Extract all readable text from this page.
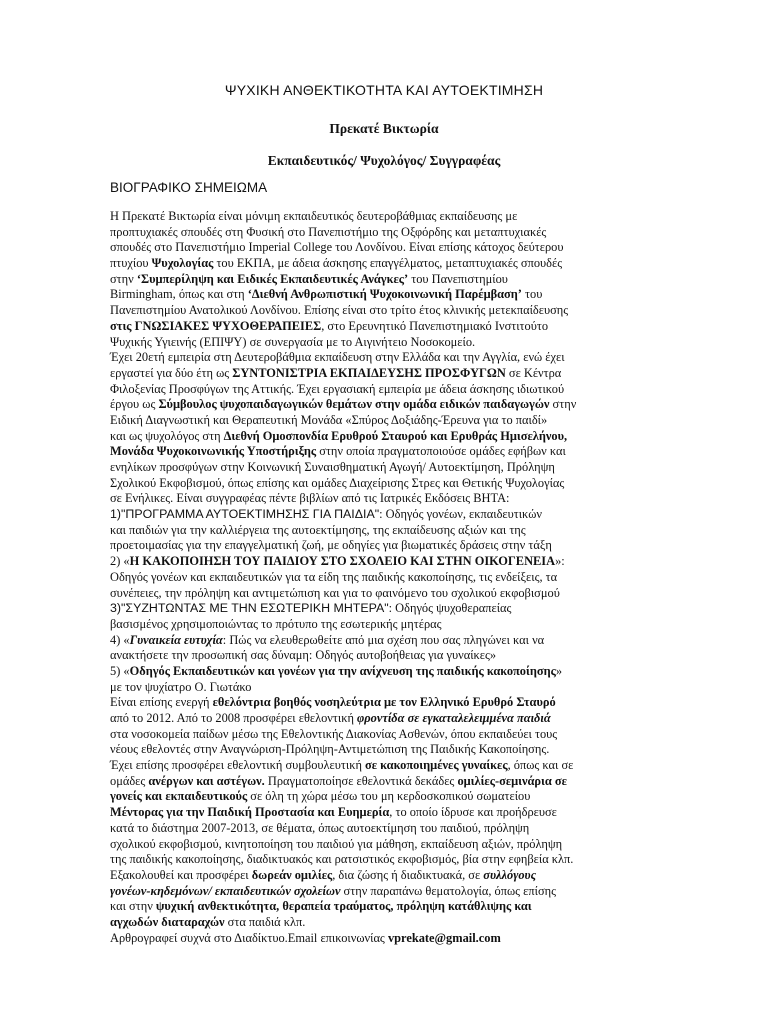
ΨΥΧΙΚΗ ΑΝΘΕΚΤΙΚΟΤΗΤΑ ΚΑΙ ΑΥΤΟΕΚΤΙΜΗΣΗ

Πρεκατέ Βικτωρία

Εκπαιδευτικός/ Ψυχολόγος/ Συγγραφέας

ΒΙΟΓΡΑΦΙΚΟ ΣΗΜΕΙΩΜΑ

Η Πρεκατέ Βικτωρία είναι μόνιμη εκπαιδευτικός δευτεροβάθμιας εκπαίδευσης με
προπτυχιακές σπουδές στη Φυσική στο Πανεπιστήμιο της Οξφόρδης και μεταπτυχιακές
σπουδές στο Πανεπιστήμιο Imperial College του Λονδίνου. Είναι επίσης κάτοχος δεύτερου
πτυχίου Ψυχολογίας του ΕΚΠΑ, με άδεια άσκησης επαγγέλματος, μεταπτυχιακές σπουδές
στην ‘Συμπερίληψη και Ειδικές Εκπαιδευτικές Ανάγκες’ του Πανεπιστημίου
Birmingham, όπως και στη ‘Διεθνή Ανθρωπιστική Ψυχοκοινωνική Παρέμβαση’ του
Πανεπιστημίου Ανατολικού Λονδίνου. Επίσης είναι στο τρίτο έτος κλινικής μετεκπαίδευσης
στις ΓΝΩΣΙΑΚΕΣ ΨΥΧΟΘΕΡΑΠΕΙΕΣ, στο Ερευνητικό Πανεπιστημιακό Ινστιτούτο
Ψυχικής Υγιεινής (ΕΠΙΨΥ) σε συνεργασία με το Αιγινήτειο Νοσοκομείο.
Έχει 20ετή εμπειρία στη Δευτεροβάθμια εκπαίδευση στην Ελλάδα και την Αγγλία, ενώ έχει
εργαστεί για δύο έτη ως ΣΥΝΤΟΝΙΣΤΡΙΑ ΕΚΠΑΙΔΕΥΣΗΣ ΠΡΟΣΦΥΓΩΝ σε Κέντρα
Φιλοξενίας Προσφύγων της Αττικής. Έχει εργασιακή εμπειρία με άδεια άσκησης ιδιωτικού
έργου ως Σύμβουλος ψυχοπαιδαγωγικών θεμάτων στην ομάδα ειδικών παιδαγωγών στην
Ειδική Διαγνωστική και Θεραπευτική Μονάδα «Σπύρος Δοξιάδης-Έρευνα για το παιδί»
και ως ψυχολόγος στη Διεθνή Ομοσπονδία Ερυθρού Σταυρού και Ερυθράς Ημισελήνου,
Μονάδα Ψυχοκοινωνικής Υποστήριξης στην οποία πραγματοποιούσε ομάδες εφήβων και
ενηλίκων προσφύγων στην Κοινωνική Συναισθηματική Αγωγή/ Αυτοεκτίμηση, Πρόληψη
Σχολικού Εκφοβισμού, όπως επίσης και ομάδες Διαχείρισης Στρες και Θετικής Ψυχολογίας
σε Ενήλικες. Είναι συγγραφέας πέντε βιβλίων από τις Ιατρικές Εκδόσεις ΒΗΤΑ:
1)"ΠΡΟΓΡΑΜΜΑ ΑΥΤΟΕΚΤΙΜΗΣΗΣ ΓΙΑ ΠΑΙΔΙΑ": Οδηγός γονέων, εκπαιδευτικών
και παιδιών για την καλλιέργεια της αυτοεκτίμησης, της εκπαίδευσης αξιών και της
προετοιμασίας για την επαγγελματική ζωή, με οδηγίες για βιωματικές δράσεις στην τάξη
2) «Η ΚΑΚΟΠΟΙΗΣΗ ΤΟΥ ΠΑΙΔΙΟΥ ΣΤΟ ΣΧΟΛΕΙΟ ΚΑΙ ΣΤΗΝ ΟΙΚΟΓΕΝΕΙΑ»:
Οδηγός γονέων και εκπαιδευτικών για τα είδη της παιδικής κακοποίησης, τις ενδείξεις, τα
συνέπειες, την πρόληψη και αντιμετώπιση και για το φαινόμενο του σχολικού εκφοβισμού
3)"ΣΥΖΗΤΩΝΤΑΣ ΜΕ ΤΗΝ ΕΣΩΤΕΡΙΚΗ ΜΗΤΕΡΑ": Οδηγός ψυχοθεραπείας
βασισμένος χρησιμοποιώντας το πρότυπο της εσωτερικής μητέρας
4) «Γυναικεία ευτυχία: Πώς να ελευθερωθείτε από μια σχέση που σας πληγώνει και να
ανακτήσετε την προσωπική σας δύναμη: Οδηγός αυτοβοήθειας για γυναίκες»
5) «Οδηγός Εκπαιδευτικών και γονέων για την ανίχνευση της παιδικής κακοποίησης»
με τον ψυχίατρο Ο. Γιωτάκο
Είναι επίσης ενεργή εθελόντρια βοηθός νοσηλεύτρια με τον Ελληνικό Ερυθρό Σταυρό
από το 2012. Από το 2008 προσφέρει εθελοντική φροντίδα σε εγκαταλελειμμένα παιδιά
στα νοσοκομεία παίδων μέσω της Εθελοντικής Διακονίας Ασθενών, όπου εκπαιδεύει τους
νέους εθελοντές στην Αναγνώριση-Πρόληψη-Αντιμετώπιση της Παιδικής Κακοποίησης.
Έχει επίσης προσφέρει εθελοντική συμβουλευτική σε κακοποιημένες γυναίκες, όπως και σε
ομάδες ανέργων και αστέγων. Πραγματοποίησε εθελοντικά δεκάδες ομιλίες-σεμινάρια σε
γονείς και εκπαιδευτικούς σε όλη τη χώρα μέσω του μη κερδοσκοπικού σωματείου
Μέντορας για την Παιδική Προστασία και Ευημερία, το οποίο ίδρυσε και προήδρευσε
κατά το διάστημα 2007-2013, σε θέματα, όπως αυτοεκτίμηση του παιδιού, πρόληψη
σχολικού εκφοβισμού, κινητοποίηση του παιδιού για μάθηση, εκπαίδευση αξιών, πρόληψη
της παιδικής κακοποίησης, διαδικτυακός και ρατσιστικός εκφοβισμός, βία στην εφηβεία κλπ.
Εξακολουθεί και προσφέρει δωρεάν ομιλίες, δια ζώσης ή διαδικτυακά, σε συλλόγους
γονέων-κηδεμόνων/ εκπαιδευτικών σχολείων στην παραπάνω θεματολογία, όπως επίσης
και στην ψυχική ανθεκτικότητα, θεραπεία τραύματος, πρόληψη κατάθλιψης και
αγχωδών διαταραχών στα παιδιά κλπ.
Αρθρογραφεί συχνά στο Διαδίκτυο.Email επικοινωνίας vprekate@gmail.com
